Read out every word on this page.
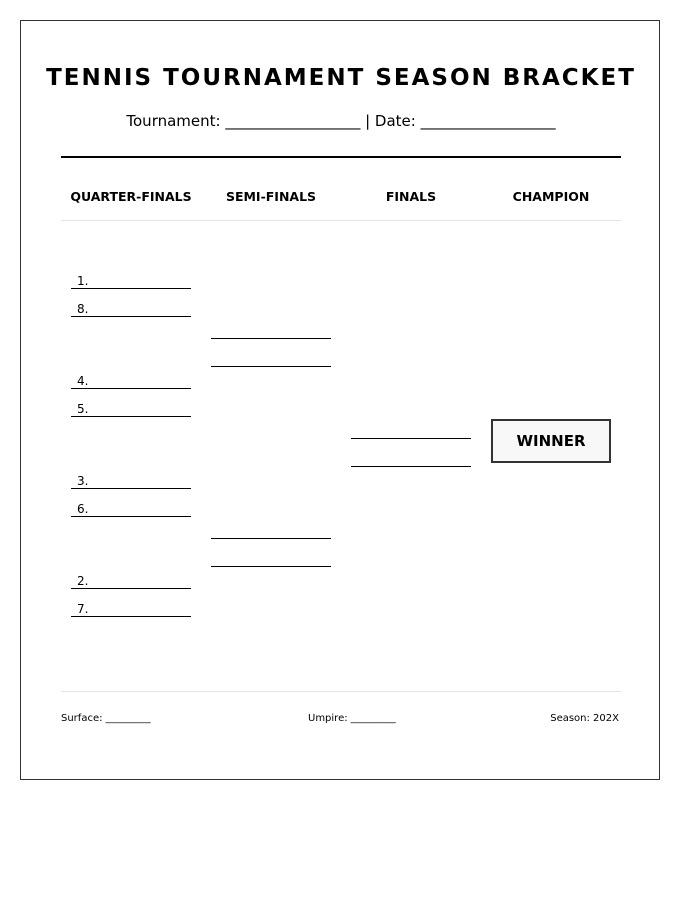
TENNIS TOURNAMENT SEASON BRACKET
Tournament: __________________ | Date: __________________
QUARTER-FINALS	SEMI-FINALS	FINALS	CHAMPION
1.
8.
4.
5.
3.
6.
2.
7.
WINNER
Surface: _________	Umpire: _________	Season: 202X
